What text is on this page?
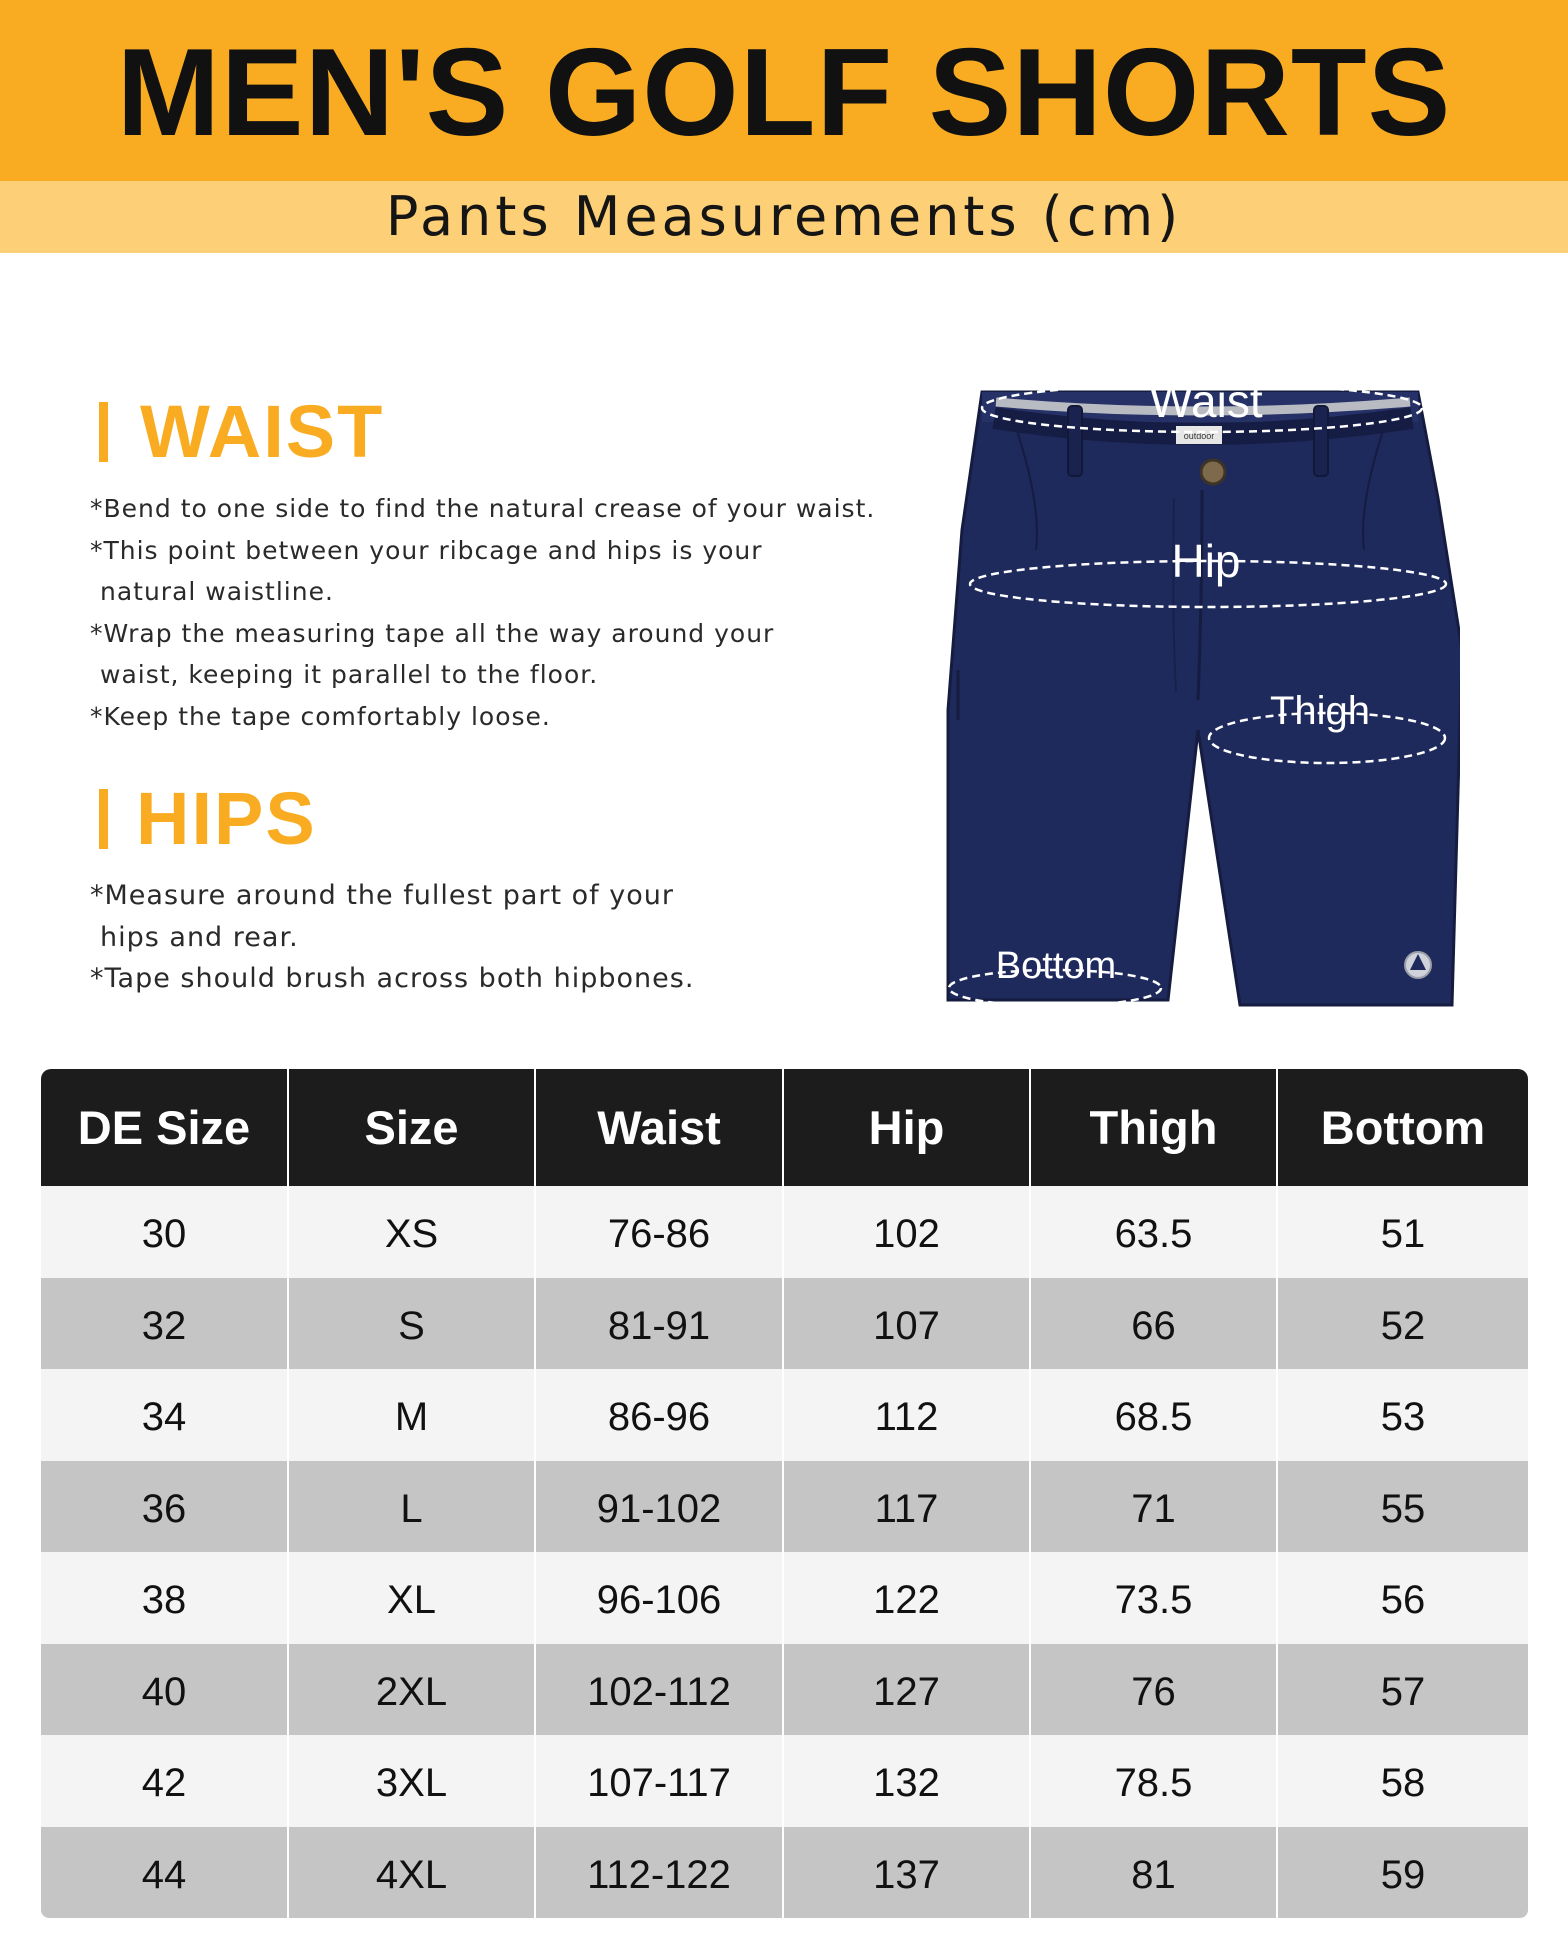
MEN'S GOLF SHORTS
Pants Measurements (cm)
WAIST
*Bend to one side to find the natural crease of your waist.
*This point between your ribcage and hips is your
natural waistline.
*Wrap the measuring tape all the way around your
waist, keeping it parallel to the floor.
*Keep the tape comfortably loose.
HIPS
*Measure around the fullest part of your
hips and rear.
*Tape should brush across both hipbones.
outdoor
Waist
Hip
Thigh
Bottom
DE Size	Size	Waist	Hip	Thigh	Bottom
30	XS	76-86	102	63.5	51
32	S	81-91	107	66	52
34	M	86-96	112	68.5	53
36	L	91-102	117	71	55
38	XL	96-106	122	73.5	56
40	2XL	102-112	127	76	57
42	3XL	107-117	132	78.5	58
44	4XL	112-122	137	81	59
